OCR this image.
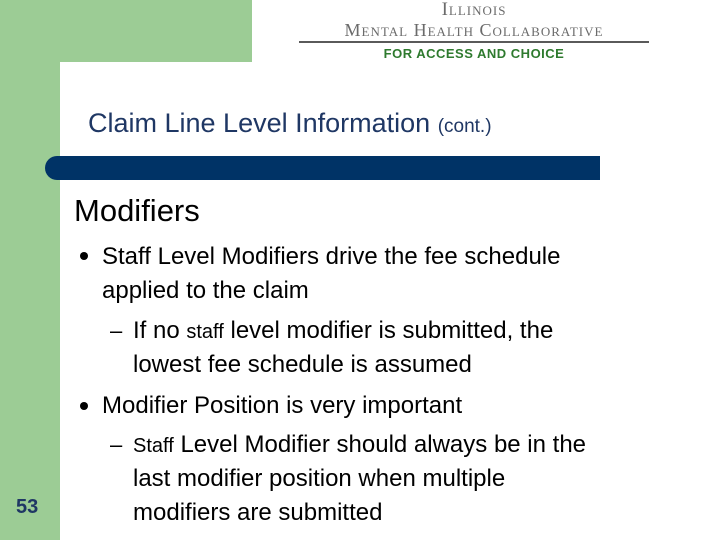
Illinois
Mental Health Collaborative
FOR ACCESS AND CHOICE
Claim Line Level Information (cont.)
Modifiers
Staff Level Modifiers drive the fee schedule
applied to the claim
– If no staff level modifier is submitted, the
lowest fee schedule is assumed
Modifier Position is very important
– Staff Level Modifier should always be in the
last modifier position when multiple
modifiers are submitted
53
